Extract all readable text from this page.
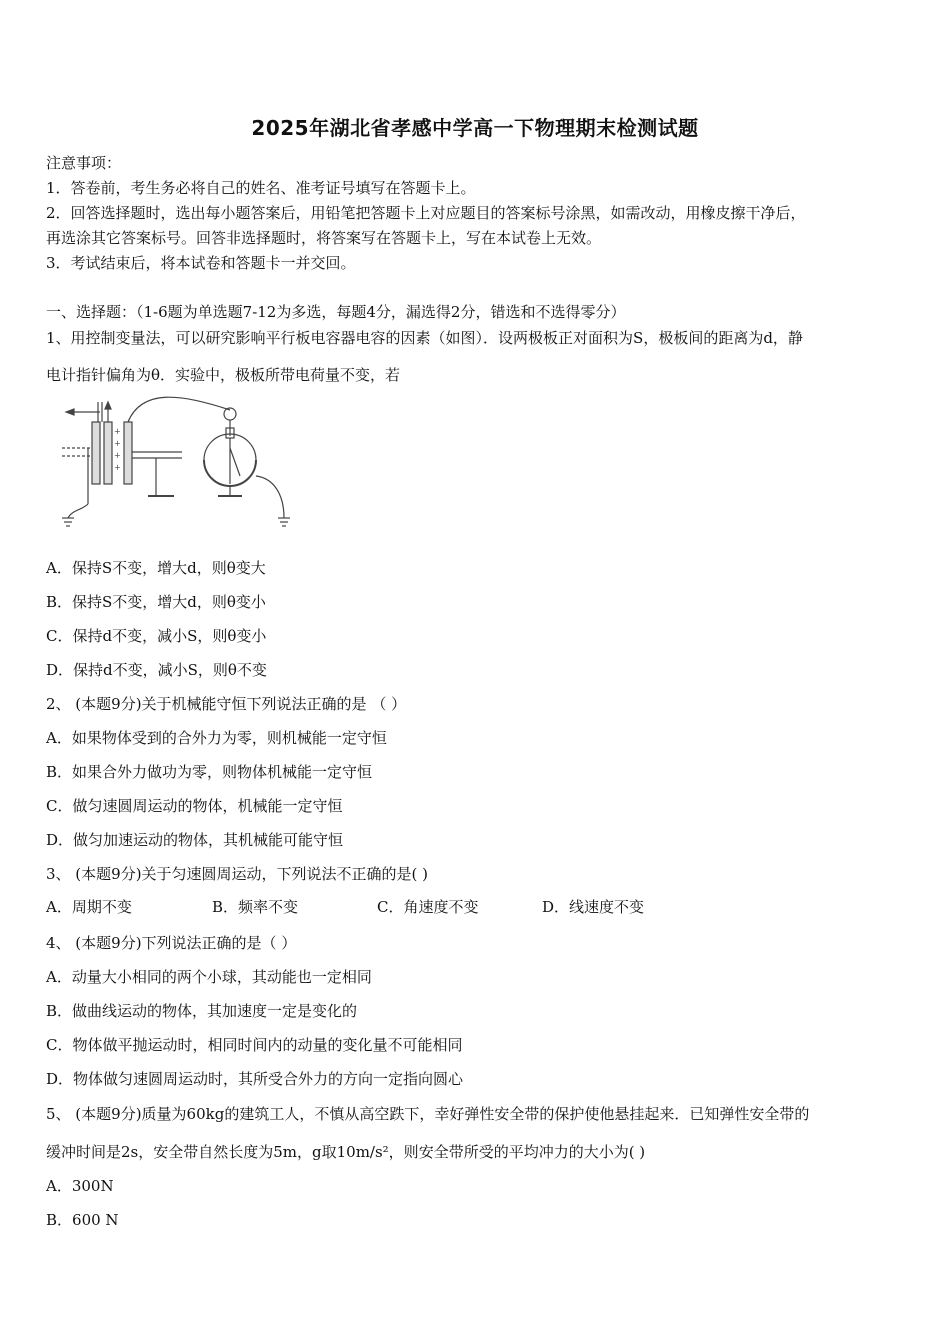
2025年湖北省孝感中学高一下物理期末检测试题
注意事项：
1．答卷前，考生务必将自己的姓名、准考证号填写在答题卡上。
2．回答选择题时，选出每小题答案后，用铅笔把答题卡上对应题目的答案标号涂黑，如需改动，用橡皮擦干净后，
再选涂其它答案标号。回答非选择题时，将答案写在答题卡上，写在本试卷上无效。
3．考试结束后，将本试卷和答题卡一并交回。
一、选择题：（1-6题为单选题7-12为多选，每题4分，漏选得2分，错选和不选得零分）
1、用控制变量法，可以研究影响平行板电容器电容的因素（如图）．设两极板正对面积为S，极板间的距离为d，静
电计指针偏角为θ．实验中，极板所带电荷量不变，若
+
+
+
+
A．保持S不变，增大d，则θ变大
B．保持S不变，增大d，则θ变小
C．保持d不变，减小S，则θ变小
D．保持d不变，减小S，则θ不变
2、 (本题9分)关于机械能守恒下列说法正确的是 （ ）
A．如果物体受到的合外力为零，则机械能一定守恒
B．如果合外力做功为零，则物体机械能一定守恒
C．做匀速圆周运动的物体，机械能一定守恒
D．做匀加速运动的物体，其机械能可能守恒
3、 (本题9分)关于匀速圆周运动，下列说法不正确的是( )
A．周期不变	B．频率不变	C．角速度不变	D．线速度不变
4、 (本题9分)下列说法正确的是（ ）
A．动量大小相同的两个小球，其动能也一定相同
B．做曲线运动的物体，其加速度一定是变化的
C．物体做平抛运动时，相同时间内的动量的变化量不可能相同
D．物体做匀速圆周运动时，其所受合外力的方向一定指向圆心
5、 (本题9分)质量为60kg的建筑工人，不慎从高空跌下，幸好弹性安全带的保护使他悬挂起来．已知弹性安全带的
缓冲时间是2s，安全带自然长度为5m，g取10m/s²，则安全带所受的平均冲力的大小为( )
A．300N
B．600 N
